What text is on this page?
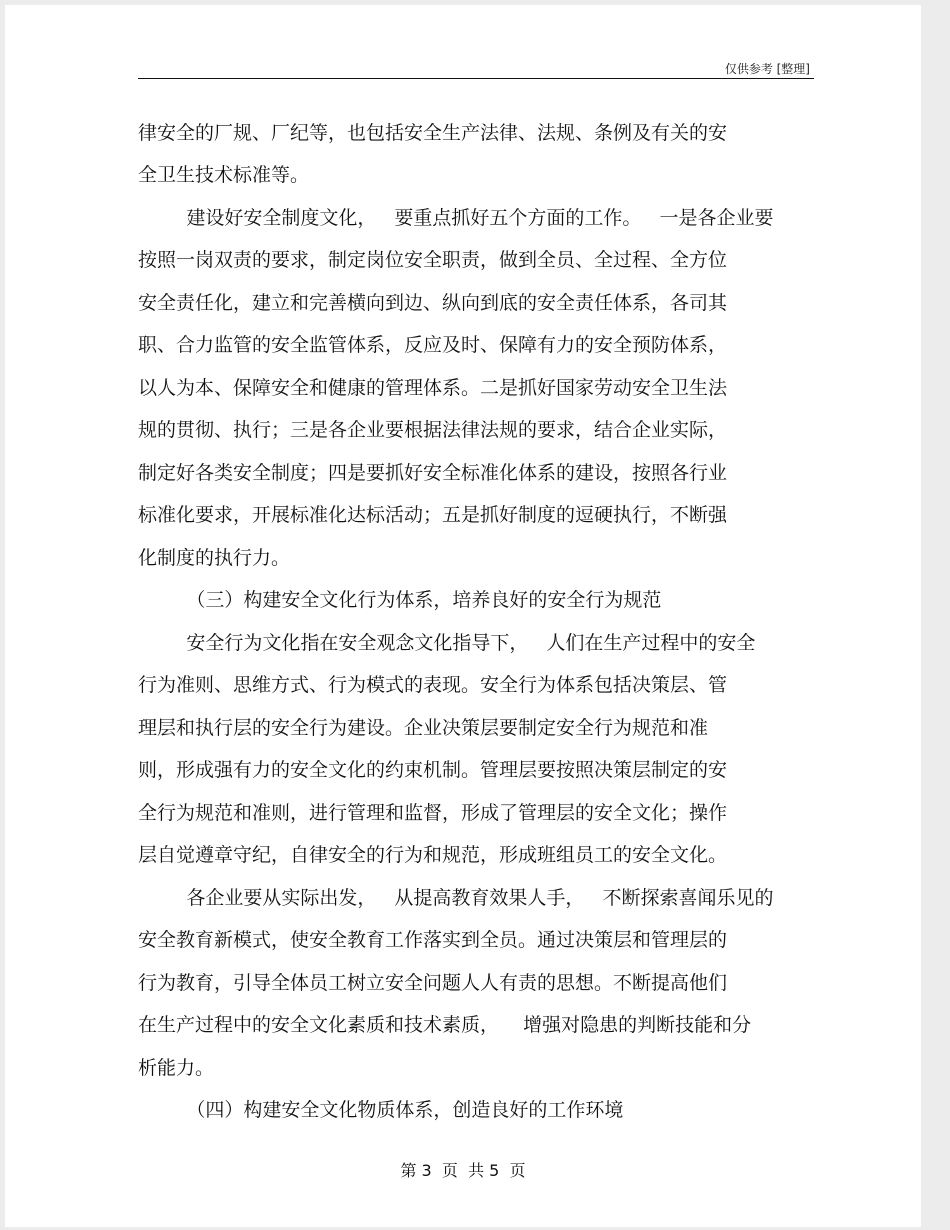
仅供参考 [整理]
律安全的厂规、厂纪等，也包括安全生产法律、法规、条例及有关的安
全卫生技术标准等。
建设好安全制度文化，   要重点抓好五个方面的工作。   一是各企业要
按照一岗双责的要求，制定岗位安全职责，做到全员、全过程、全方位
安全责任化，建立和完善横向到边、纵向到底的安全责任体系，各司其
职、合力监管的安全监管体系，反应及时、保障有力的安全预防体系，
以人为本、保障安全和健康的管理体系。二是抓好国家劳动安全卫生法
规的贯彻、执行；三是各企业要根据法律法规的要求，结合企业实际，
制定好各类安全制度；四是要抓好安全标准化体系的建设，按照各行业
标准化要求，开展标准化达标活动；五是抓好制度的逗硬执行，不断强
化制度的执行力。
（三）构建安全文化行为体系，培养良好的安全行为规范
安全行为文化指在安全观念文化指导下，   人们在生产过程中的安全
行为准则、思维方式、行为模式的表现。安全行为体系包括决策层、管
理层和执行层的安全行为建设。企业决策层要制定安全行为规范和准
则，形成强有力的安全文化的约束机制。管理层要按照决策层制定的安
全行为规范和准则，进行管理和监督，形成了管理层的安全文化；操作
层自觉遵章守纪，自律安全的行为和规范，形成班组员工的安全文化。
各企业要从实际出发，   从提高教育效果人手，   不断探索喜闻乐见的
安全教育新模式，使安全教育工作落实到全员。通过决策层和管理层的
行为教育，引导全体员工树立安全问题人人有责的思想。不断提高他们
在生产过程中的安全文化素质和技术素质，    增强对隐患的判断技能和分
析能力。
（四）构建安全文化物质体系，创造良好的工作环境
第 3  页  共 5  页
